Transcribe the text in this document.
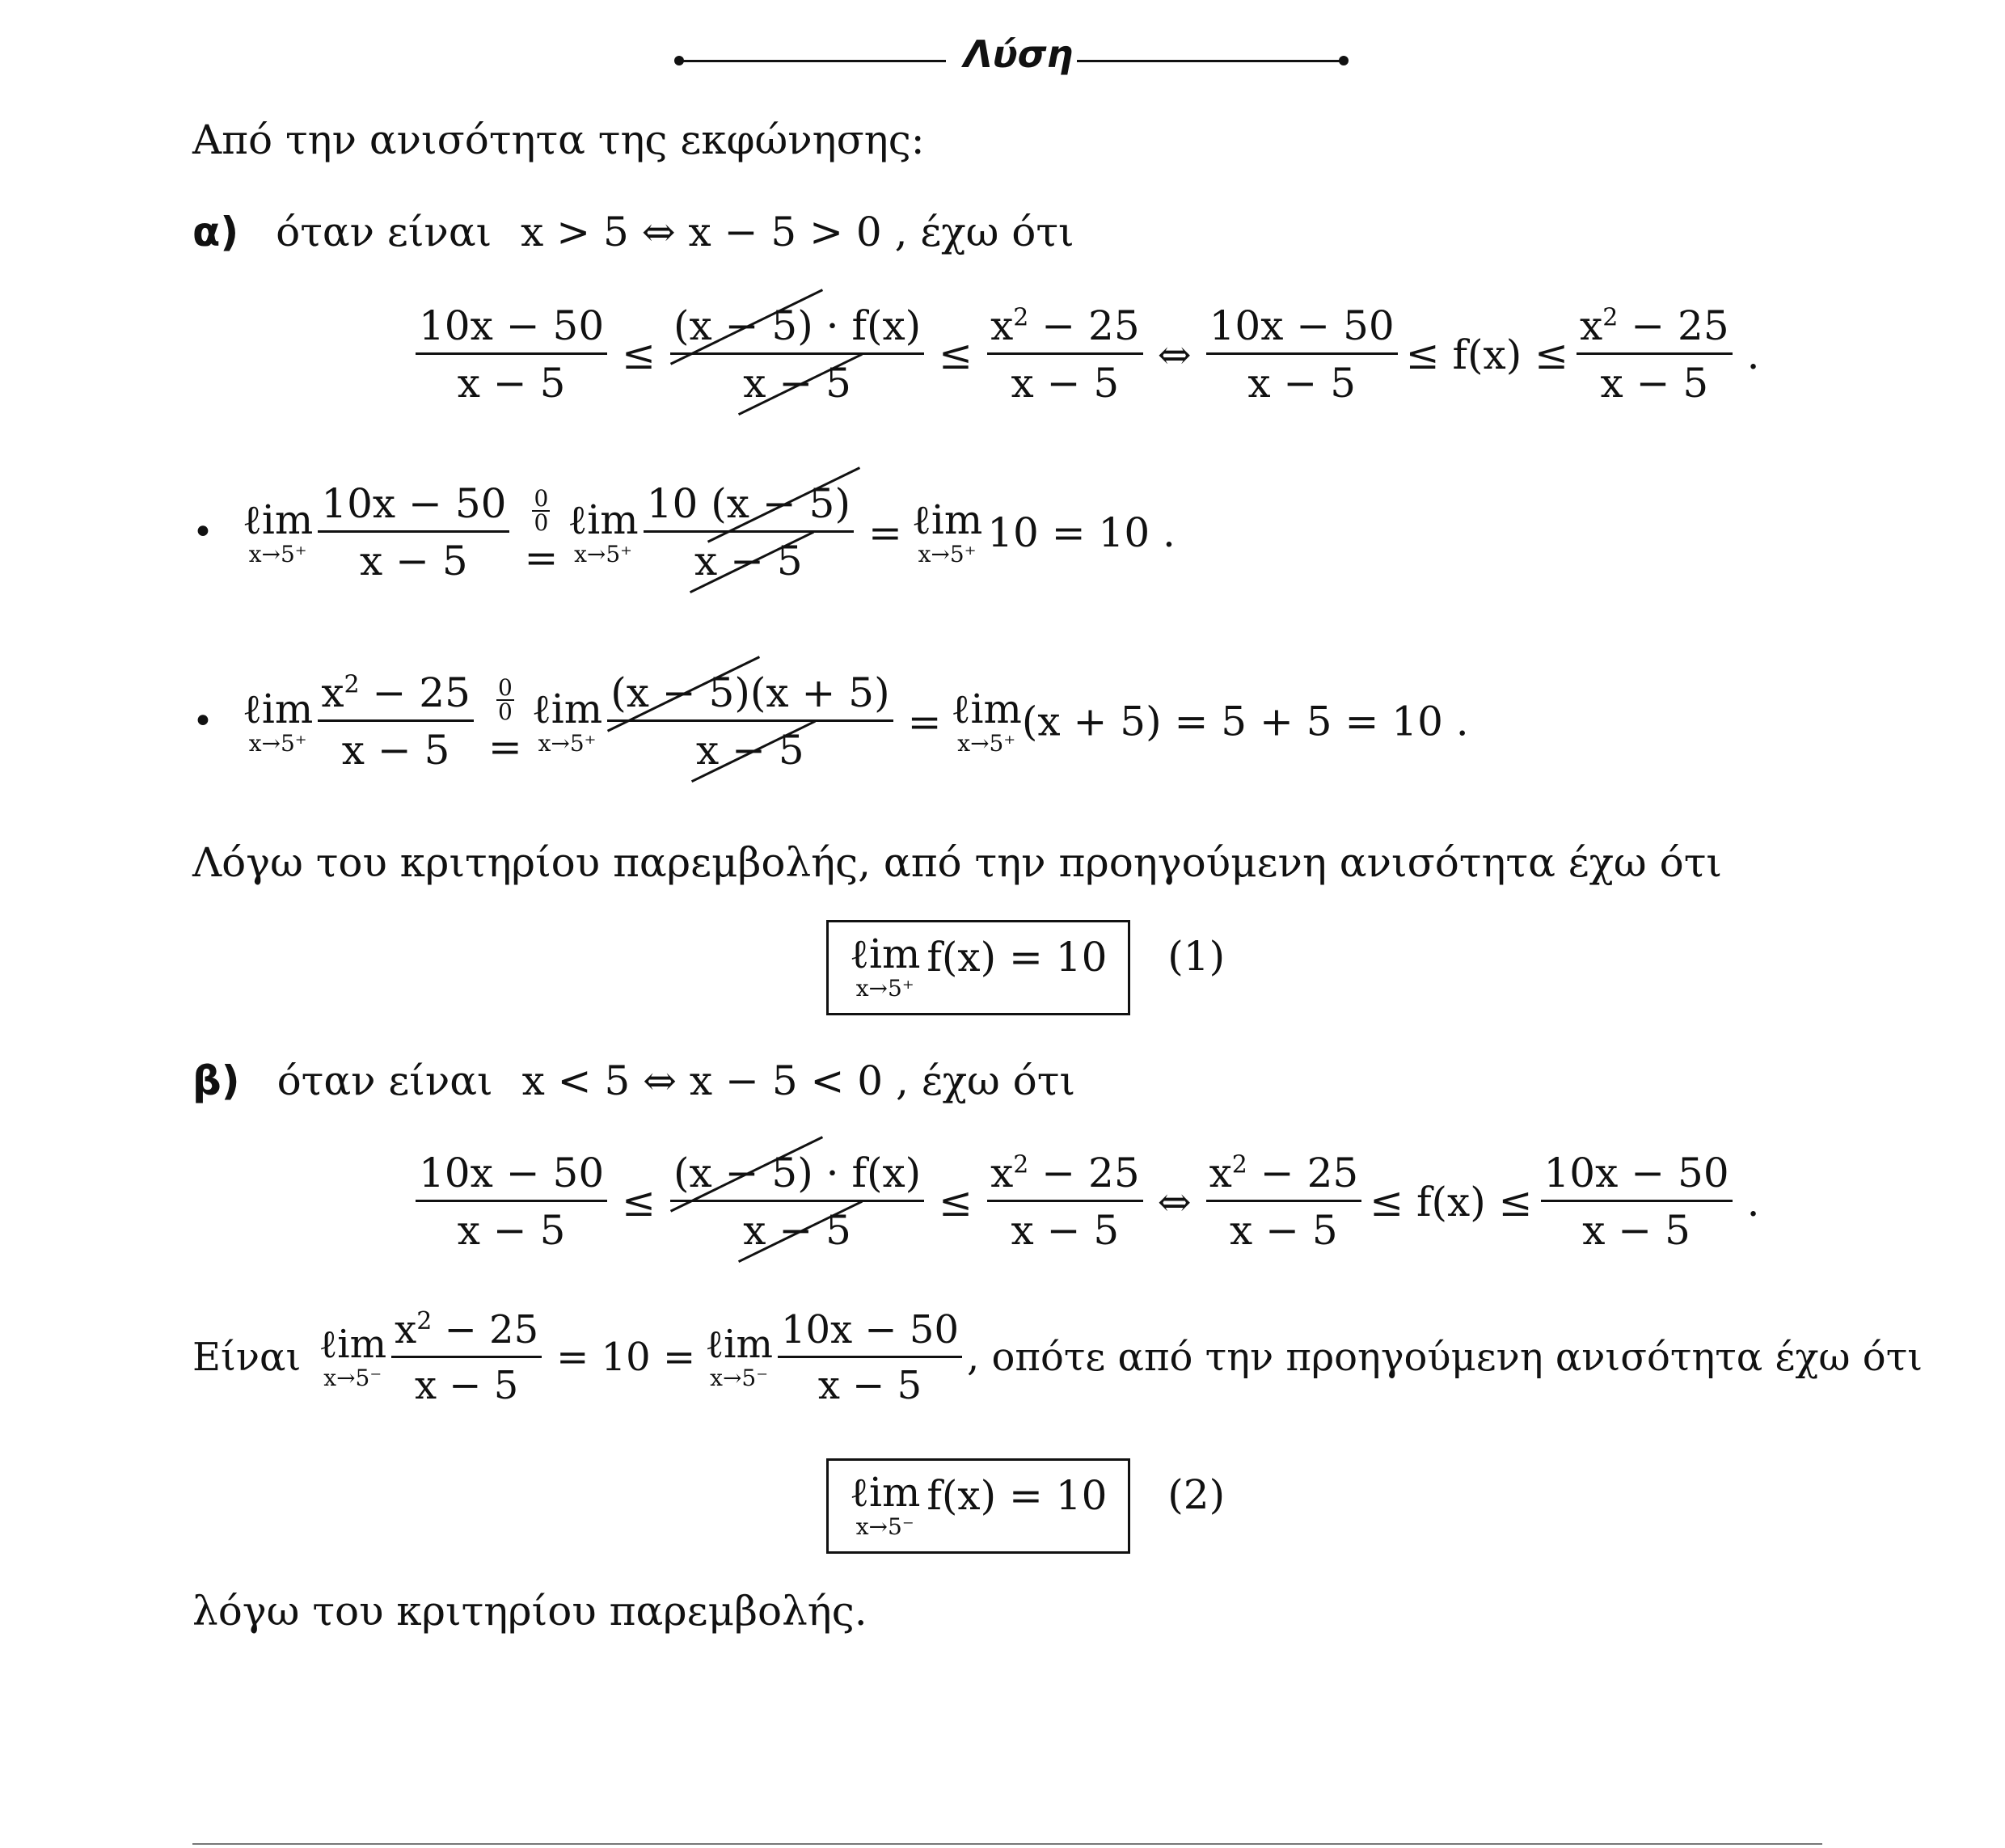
Λύση
Από την ανισότητα της εκφώνησης:
α) όταν είναι x > 5 ⇔ x − 5 > 0 , έχω ότι
$\frac{10x - 50}{x - 5} \le \frac{(x - 5) \cdot f(x)}{x - 5} \le \frac{x^2 - 25}{x - 5}$ ⇔ $\frac{10x - 50}{x - 5} \le f(x) \le \frac{x^2 - 25}{x - 5}$ .
• ℓim
$x\to 5^+ \frac{10x - 50}{x - 5} \frac{0}{0}$
=
ℓim
$x\to 5^+ \frac{10 (x - 5)}{x - 5}$ = ℓim
x→5⁺ 10 = 10 .
• ℓim
$x\to 5^+ \frac{x^2 - 25}{x - 5} \frac{0}{0}$
=
ℓim
$x\to 5^+ \frac{(x - 5)(x + 5)}{x - 5}$ = ℓim
x→5⁺ (x + 5) = 5 + 5 = 10 .
Λόγω του κριτηρίου παρεμβολής, από την προηγούμενη ανισότητα έχω ότι
ℓim
x→5⁺
f(x) = 10 (1)
β) όταν είναι x < 5 ⇔ x − 5 < 0 , έχω ότι
$\frac{10x - 50}{x - 5} \le \frac{(x - 5) \cdot f(x)}{x - 5} \le \frac{x^2 - 25}{x - 5}$ ⇔ $\frac{x^2 - 25}{x - 5} \le f(x) \le \frac{10x - 50}{x - 5}$ .
Είναι ℓim
$x\to 5^- \frac{x^2 - 25}{x - 5} = 10$ = ℓim
$x\to 5^- \frac{10x - 50}{x - 5}$ , οπότε από την προηγούμενη ανισότητα έχω ότι
ℓim
x→5⁻
f(x) = 10 (2)
λόγω του κριτηρίου παρεμβολής.
